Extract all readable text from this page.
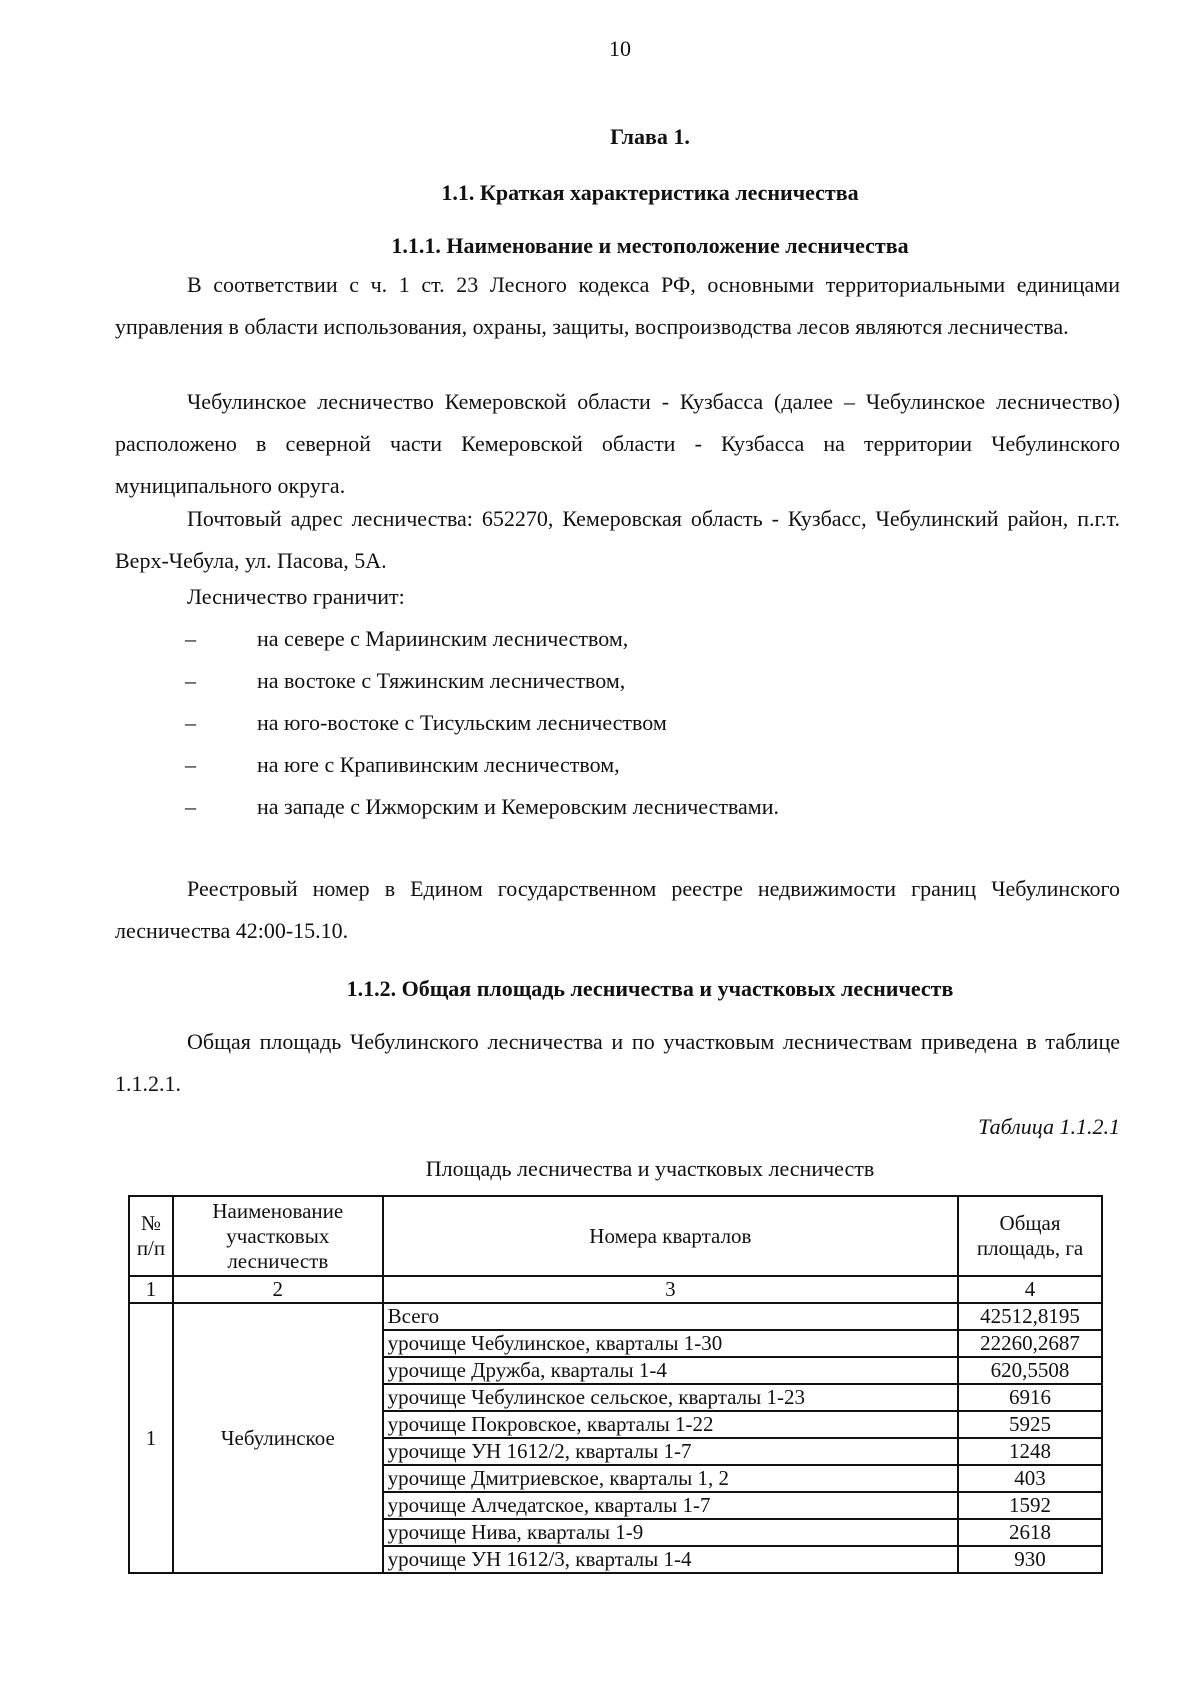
10
Глава 1.
1.1. Краткая характеристика лесничества
1.1.1. Наименование и местоположение лесничества

В соответствии с ч. 1 ст. 23 Лесного кодекса РФ, основными территориальными единицами управления в области использования, охраны, защиты, воспроизводства лесов являются лесничества.

Чебулинское лесничество Кемеровской области - Кузбасса (далее – Чебулинское лесничество) расположено в северной части Кемеровской области - Кузбасса на территории Чебулинского муниципального округа.

Почтовый адрес лесничества: 652270, Кемеровская область - Кузбасс, Чебулинский район, п.г.т. Верх-Чебула, ул. Пасова, 5А.

Лесничество граничит:

–	на севере с Мариинским лесничеством,
–	на востоке с Тяжинским лесничеством,
–	на юго-востоке с Тисульским лесничеством
–	на юге с Крапивинским лесничеством,
–	на западе с Ижморским и Кемеровским лесничествами.

Реестровый номер в Едином государственном реестре недвижимости границ Чебулинского лесничества 42:00-15.10.

1.1.2. Общая площадь лесничества и участковых лесничеств

Общая площадь Чебулинского лесничества и по участковым лесничествам приведена в таблице 1.1.2.1.

Таблица 1.1.2.1
Площадь лесничества и участковых лесничеств
№ п/п	Наименование участковых лесничеств	Номера кварталов	Общая площадь, га
1	2	3	4
1	Чебулинское	Всего	42512,8195
		урочище Чебулинское, кварталы 1-30	22260,2687
		урочище Дружба, кварталы 1-4	620,5508
		урочище Чебулинское сельское, кварталы 1-23	6916
		урочище Покровское, кварталы 1-22	5925
		урочище УН 1612/2, кварталы 1-7	1248
		урочище Дмитриевское, кварталы 1, 2	403
		урочище Алчедатское, кварталы 1-7	1592
		урочище Нива, кварталы 1-9	2618
		урочище УН 1612/3, кварталы 1-4	930
